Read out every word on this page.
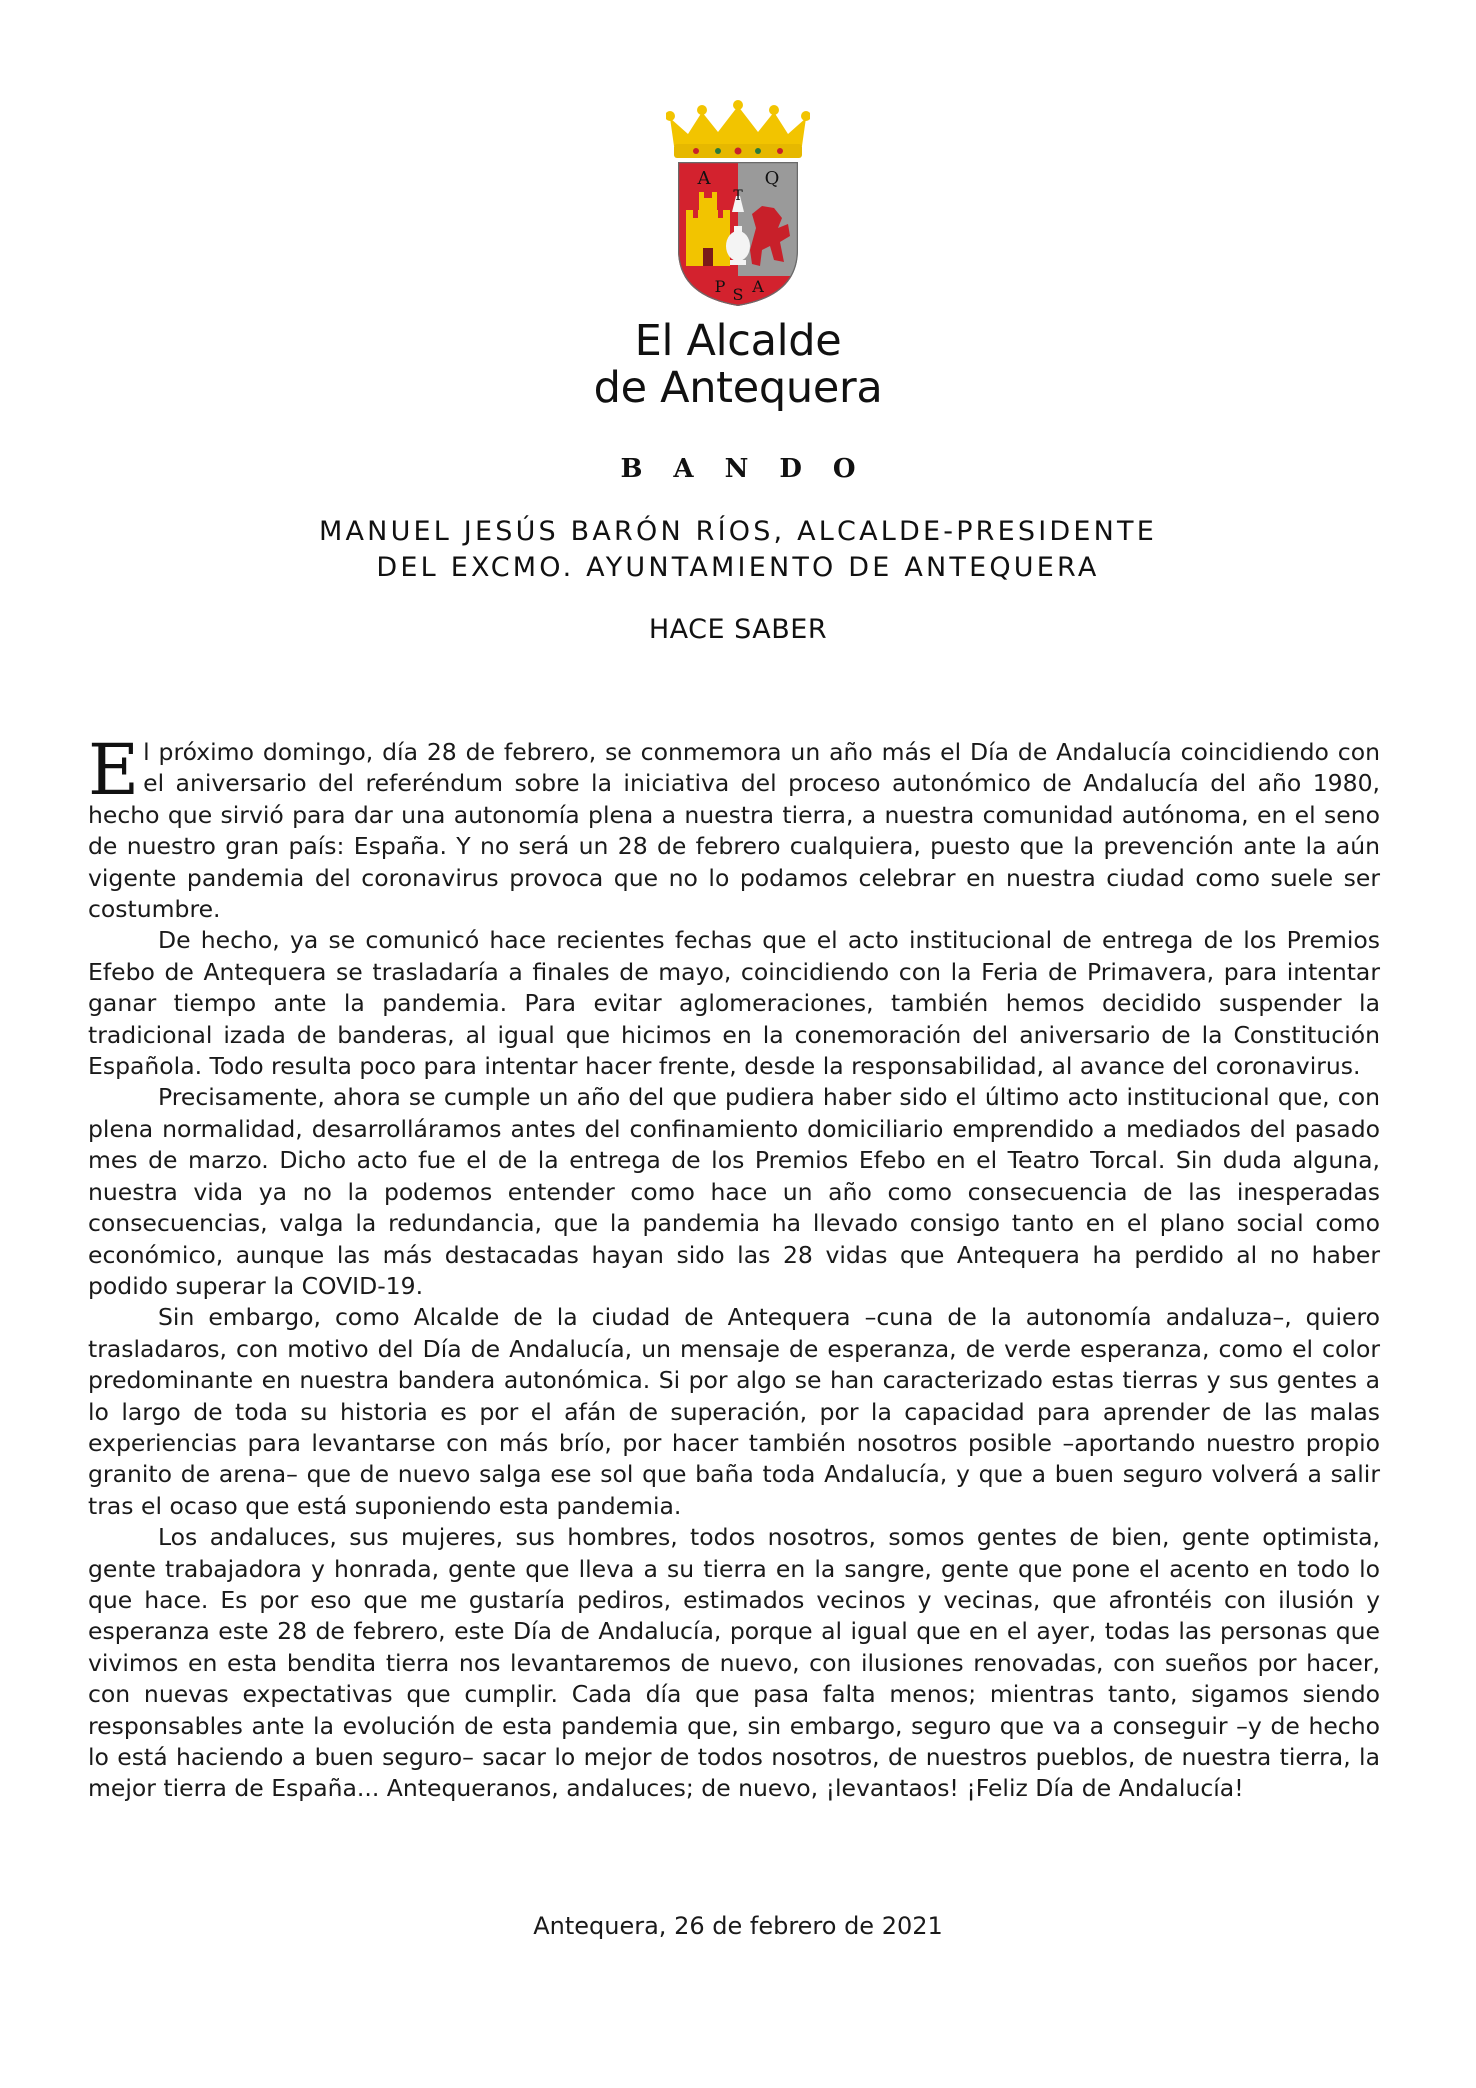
A	Q
T
P S A
El Alcalde
de Antequera
BANDO
MANUEL JESÚS BARÓN RÍOS, ALCALDE-PRESIDENTE
DEL EXCMO. AYUNTAMIENTO DE ANTEQUERA
HACE SABER

El próximo domingo, día 28 de febrero, se conmemora un año más el Día de Andalucía coincidiendo con el aniversario del referéndum sobre la iniciativa del proceso autonómico de Andalucía del año 1980, hecho que sirvió para dar una autonomía plena a nuestra tierra, a nuestra comunidad autónoma, en el seno de nuestro gran país: España. Y no será un 28 de febrero cualquiera, puesto que la prevención ante la aún vigente pandemia del coronavirus provoca que no lo podamos celebrar en nuestra ciudad como suele ser costumbre.

De hecho, ya se comunicó hace recientes fechas que el acto institucional de entrega de los Premios Efebo de Antequera se trasladaría a finales de mayo, coincidiendo con la Feria de Primavera, para intentar ganar tiempo ante la pandemia. Para evitar aglomeraciones, también hemos decidido suspender la tradicional izada de banderas, al igual que hicimos en la conemoración del aniversario de la Constitución Española. Todo resulta poco para intentar hacer frente, desde la responsabilidad, al avance del coronavirus.

Precisamente, ahora se cumple un año del que pudiera haber sido el último acto institucional que, con plena normalidad, desarrolláramos antes del confinamiento domiciliario emprendido a mediados del pasado mes de marzo. Dicho acto fue el de la entrega de los Premios Efebo en el Teatro Torcal. Sin duda alguna, nuestra vida ya no la podemos entender como hace un año como consecuencia de las inesperadas consecuencias, valga la redundancia, que la pandemia ha llevado consigo tanto en el plano social como económico, aunque las más destacadas hayan sido las 28 vidas que Antequera ha perdido al no haber podido superar la COVID-19.

Sin embargo, como Alcalde de la ciudad de Antequera –cuna de la autonomía andaluza–, quiero trasladaros, con motivo del Día de Andalucía, un mensaje de esperanza, de verde esperanza, como el color predominante en nuestra bandera autonómica. Si por algo se han caracterizado estas tierras y sus gentes a lo largo de toda su historia es por el afán de superación, por la capacidad para aprender de las malas experiencias para levantarse con más brío, por hacer también nosotros posible –aportando nuestro propio granito de arena– que de nuevo salga ese sol que baña toda Andalucía, y que a buen seguro volverá a salir tras el ocaso que está suponiendo esta pandemia.

Los andaluces, sus mujeres, sus hombres, todos nosotros, somos gentes de bien, gente optimista, gente trabajadora y honrada, gente que lleva a su tierra en la sangre, gente que pone el acento en todo lo que hace. Es por eso que me gustaría pediros, estimados vecinos y vecinas, que afrontéis con ilusión y esperanza este 28 de febrero, este Día de Andalucía, porque al igual que en el ayer, todas las personas que vivimos en esta bendita tierra nos levantaremos de nuevo, con ilusiones renovadas, con sueños por hacer, con nuevas expectativas que cumplir. Cada día que pasa falta menos; mientras tanto, sigamos siendo responsables ante la evolución de esta pandemia que, sin embargo, seguro que va a conseguir –y de hecho lo está haciendo a buen seguro– sacar lo mejor de todos nosotros, de nuestros pueblos, de nuestra tierra, la mejor tierra de España... Antequeranos, andaluces; de nuevo, ¡levantaos! ¡Feliz Día de Andalucía!

Antequera, 26 de febrero de 2021
